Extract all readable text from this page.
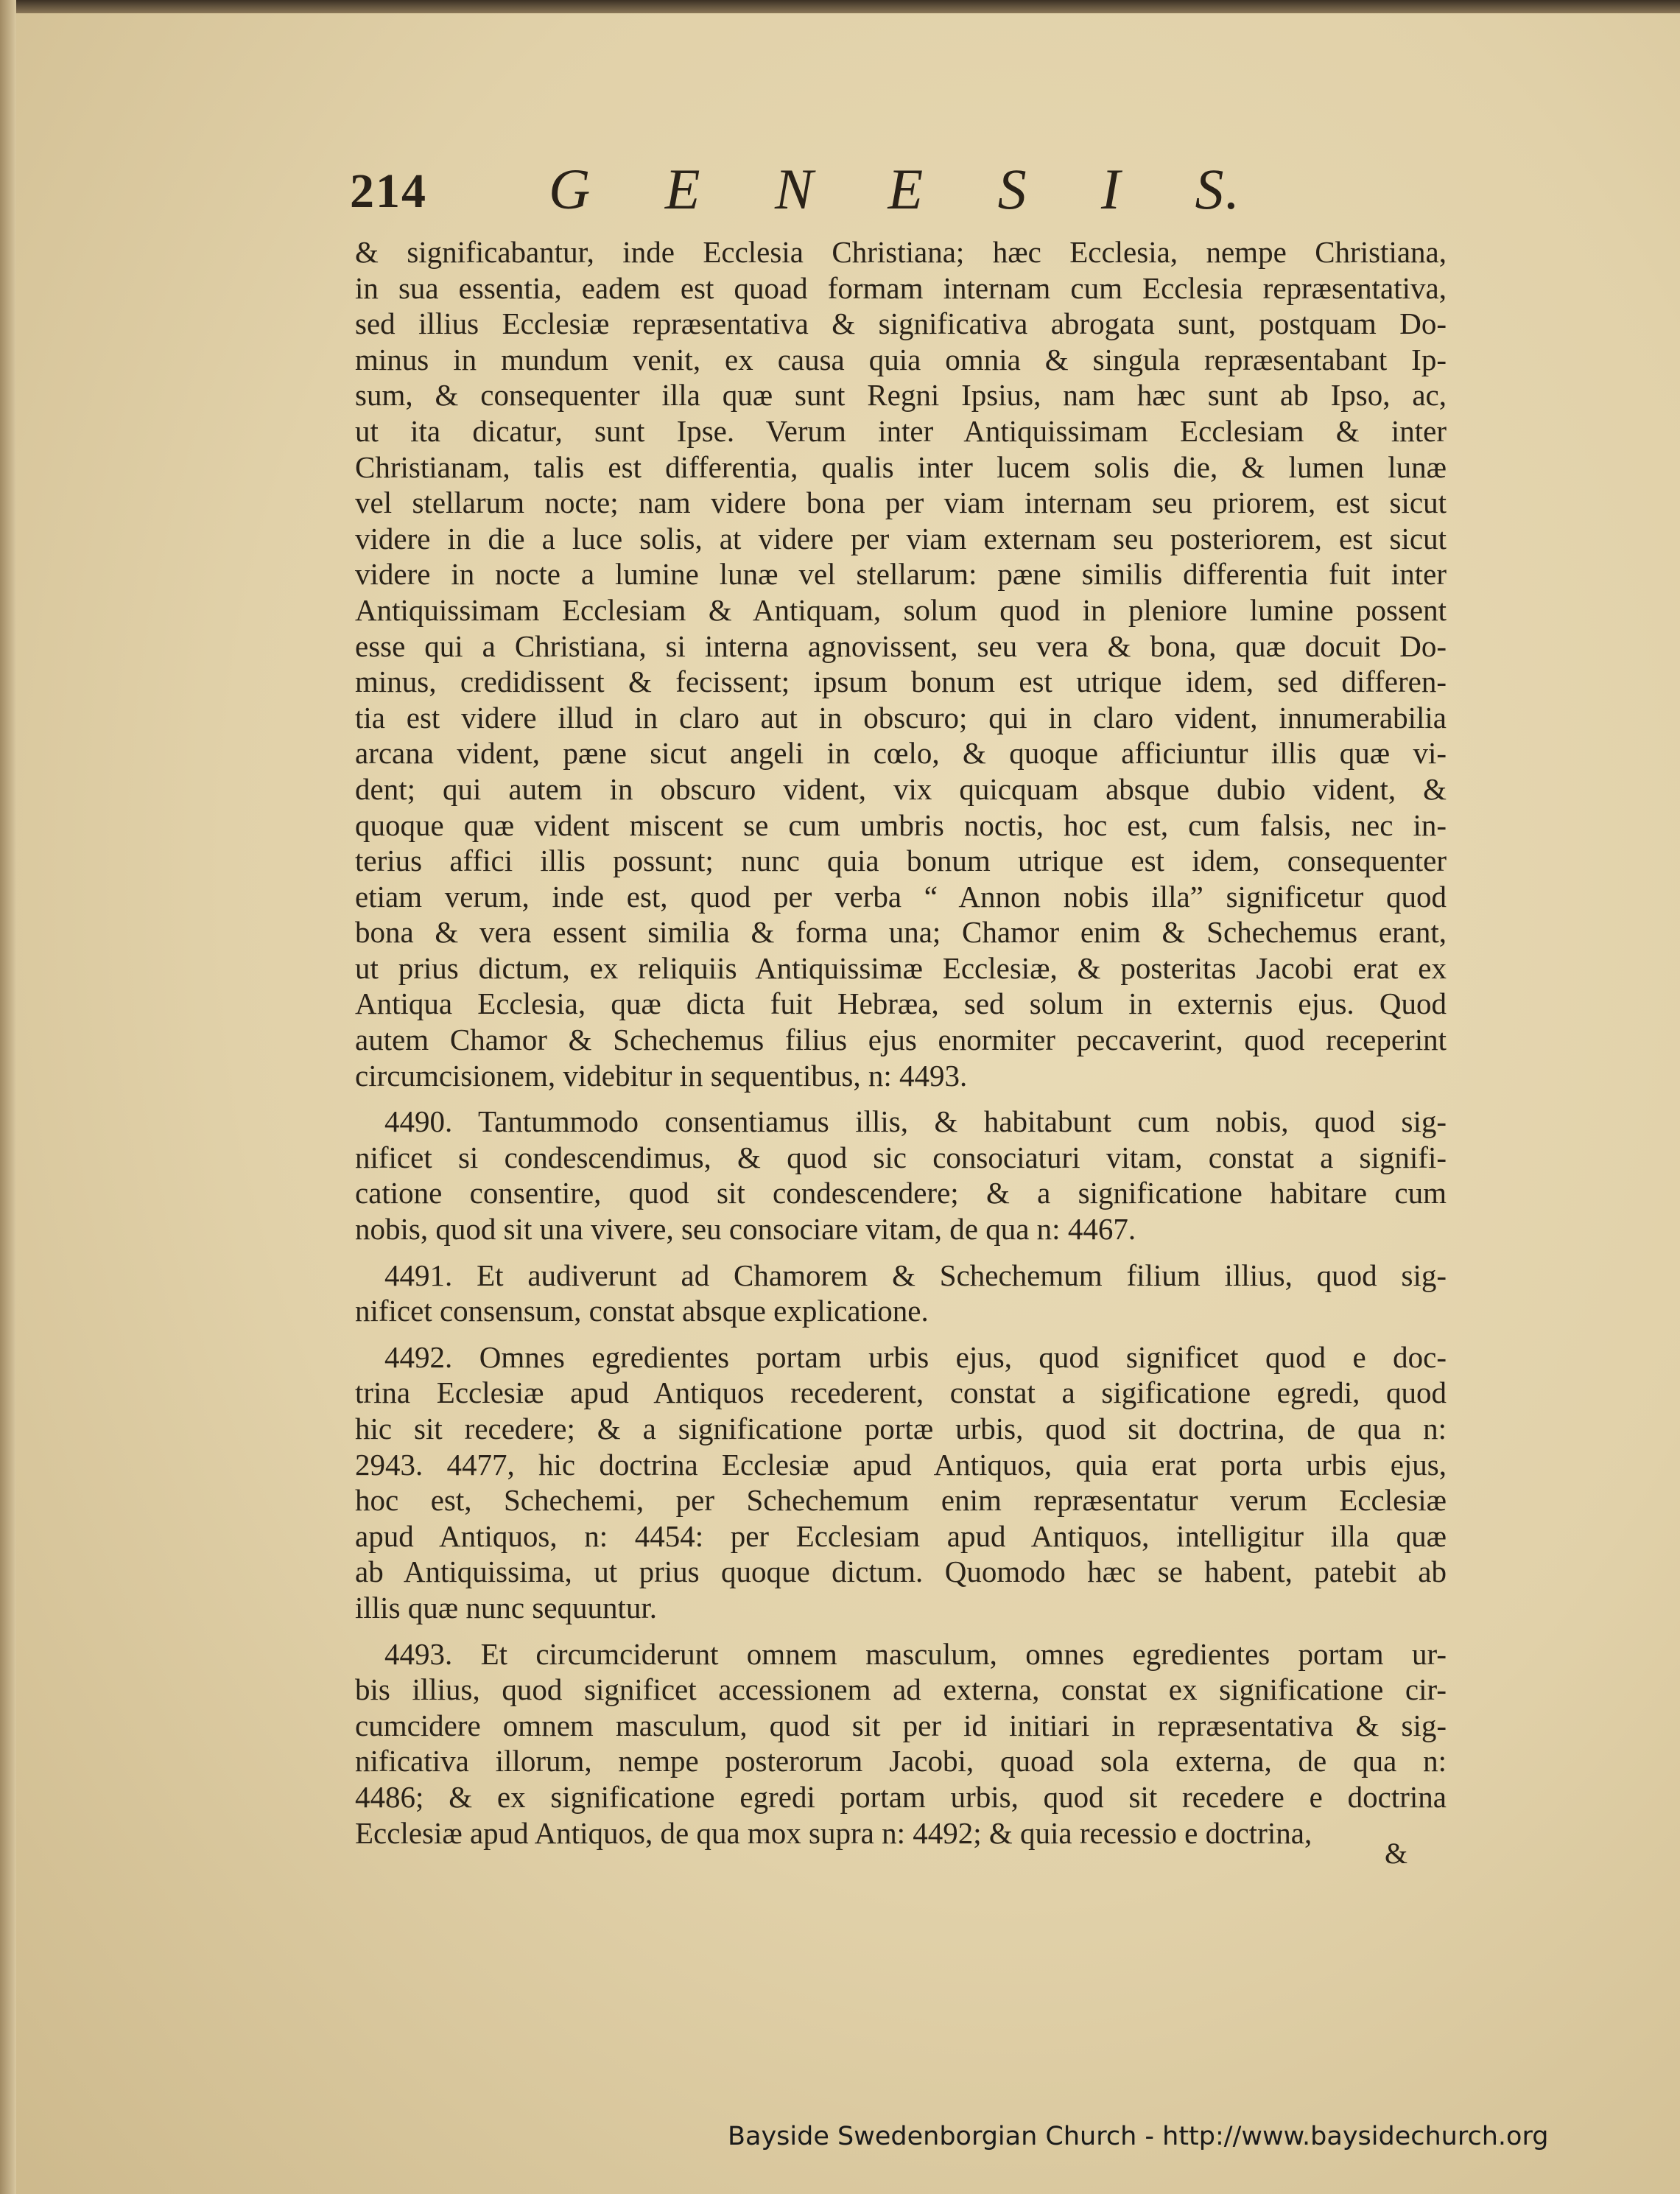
214 G E N E S I S.
& significabantur, inde Ecclesia Christiana; hæc Ecclesia, nempe Christiana,
in sua essentia, eadem est quoad formam internam cum Ecclesia repræsentativa,
sed illius Ecclesiæ repræsentativa & significativa abrogata sunt, postquam Do-
minus in mundum venit, ex causa quia omnia & singula repræsentabant Ip-
sum, & consequenter illa quæ sunt Regni Ipsius, nam hæc sunt ab Ipso, ac,
ut ita dicatur, sunt Ipse. Verum inter Antiquissimam Ecclesiam & inter
Christianam, talis est differentia, qualis inter lucem solis die, & lumen lunæ
vel stellarum nocte; nam videre bona per viam internam seu priorem, est sicut
videre in die a luce solis, at videre per viam externam seu posteriorem, est sicut
videre in nocte a lumine lunæ vel stellarum: pæne similis differentia fuit inter
Antiquissimam Ecclesiam & Antiquam, solum quod in pleniore lumine possent
esse qui a Christiana, si interna agnovissent, seu vera & bona, quæ docuit Do-
minus, credidissent & fecissent; ipsum bonum est utrique idem, sed differen-
tia est videre illud in claro aut in obscuro; qui in claro vident, innumerabilia
arcana vident, pæne sicut angeli in cœlo, & quoque afficiuntur illis quæ vi-
dent; qui autem in obscuro vident, vix quicquam absque dubio vident, &
quoque quæ vident miscent se cum umbris noctis, hoc est, cum falsis, nec in-
terius affici illis possunt; nunc quia bonum utrique est idem, consequenter
etiam verum, inde est, quod per verba “ Annon nobis illa” significetur quod
bona & vera essent similia & forma una; Chamor enim & Schechemus erant,
ut prius dictum, ex reliquiis Antiquissimæ Ecclesiæ, & posteritas Jacobi erat ex
Antiqua Ecclesia, quæ dicta fuit Hebræa, sed solum in externis ejus. Quod
autem Chamor & Schechemus filius ejus enormiter peccaverint, quod receperint
circumcisionem, videbitur in sequentibus, n: 4493.
4490. Tantummodo consentiamus illis, & habitabunt cum nobis, quod sig-
nificet si condescendimus, & quod sic consociaturi vitam, constat a signifi-
catione consentire, quod sit condescendere; & a significatione habitare cum
nobis, quod sit una vivere, seu consociare vitam, de qua n: 4467.
4491. Et audiverunt ad Chamorem & Schechemum filium illius, quod sig-
nificet consensum, constat absque explicatione.
4492. Omnes egredientes portam urbis ejus, quod significet quod e doc-
trina Ecclesiæ apud Antiquos recederent, constat a sigificatione egredi, quod
hic sit recedere; & a significatione portæ urbis, quod sit doctrina, de qua n:
2943. 4477, hic doctrina Ecclesiæ apud Antiquos, quia erat porta urbis ejus,
hoc est, Schechemi, per Schechemum enim repræsentatur verum Ecclesiæ
apud Antiquos, n: 4454: per Ecclesiam apud Antiquos, intelligitur illa quæ
ab Antiquissima, ut prius quoque dictum. Quomodo hæc se habent, patebit ab
illis quæ nunc sequuntur.
4493. Et circumciderunt omnem masculum, omnes egredientes portam ur-
bis illius, quod significet accessionem ad externa, constat ex significatione cir-
cumcidere omnem masculum, quod sit per id initiari in repræsentativa & sig-
nificativa illorum, nempe posterorum Jacobi, quoad sola externa, de qua n:
4486; & ex significatione egredi portam urbis, quod sit recedere e doctrina
Ecclesiæ apud Antiquos, de qua mox supra n: 4492; & quia recessio e doctrina,
&
Bayside Swedenborgian Church - http://www.baysidechurch.org
